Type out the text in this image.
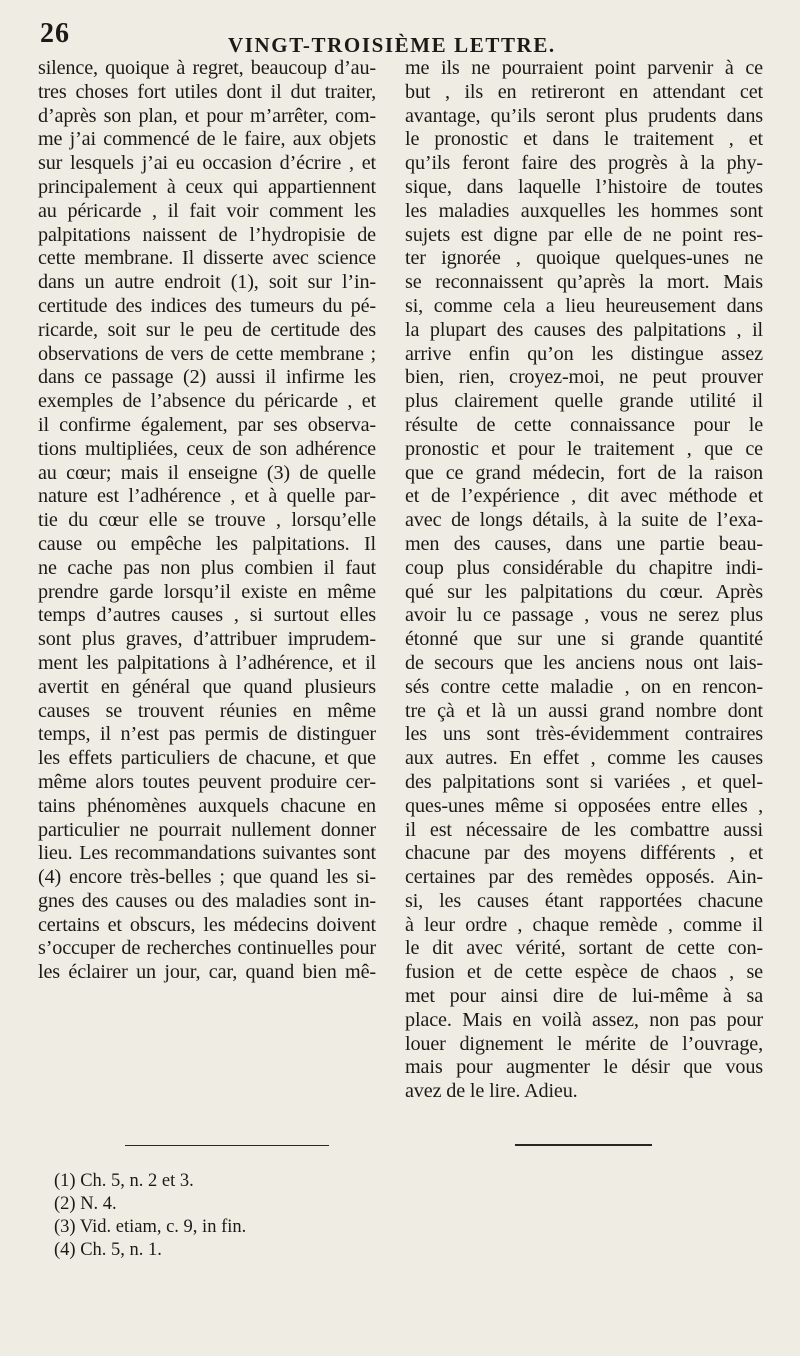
26	VINGT-TROISIÈME LETTRE.
silence, quoique à regret, beaucoup d’au-
tres choses fort utiles dont il dut traiter,
d’après son plan, et pour m’arrêter, com-
me j’ai commencé de le faire, aux objets
sur lesquels j’ai eu occasion d’écrire , et
principalement à ceux qui appartiennent
au péricarde , il fait voir comment les
palpitations naissent de l’hydropisie de
cette membrane. Il disserte avec science
dans un autre endroit (1), soit sur l’in-
certitude des indices des tumeurs du pé-
ricarde, soit sur le peu de certitude des
observations de vers de cette membrane ;
dans ce passage (2) aussi il infirme les
exemples de l’absence du péricarde , et
il confirme également, par ses observa-
tions multipliées, ceux de son adhérence
au cœur; mais il enseigne (3) de quelle
nature est l’adhérence , et à quelle par-
tie du cœur elle se trouve , lorsqu’elle
cause ou empêche les palpitations. Il
ne cache pas non plus combien il faut
prendre garde lorsqu’il existe en même
temps d’autres causes , si surtout elles
sont plus graves, d’attribuer imprudem-
ment les palpitations à l’adhérence, et il
avertit en général que quand plusieurs
causes se trouvent réunies en même
temps, il n’est pas permis de distinguer
les effets particuliers de chacune, et que
même alors toutes peuvent produire cer-
tains phénomènes auxquels chacune en
particulier ne pourrait nullement donner
lieu. Les recommandations suivantes sont
(4) encore très-belles ; que quand les si-
gnes des causes ou des maladies sont in-
certains et obscurs, les médecins doivent
s’occuper de recherches continuelles pour
les éclairer un jour, car, quand bien mê-
me ils ne pourraient point parvenir à ce
but , ils en retireront en attendant cet
avantage, qu’ils seront plus prudents dans
le pronostic et dans le traitement , et
qu’ils feront faire des progrès à la phy-
sique, dans laquelle l’histoire de toutes
les maladies auxquelles les hommes sont
sujets est digne par elle de ne point res-
ter ignorée , quoique quelques-unes ne
se reconnaissent qu’après la mort. Mais
si, comme cela a lieu heureusement dans
la plupart des causes des palpitations , il
arrive enfin qu’on les distingue assez
bien, rien, croyez-moi, ne peut prouver
plus clairement quelle grande utilité il
résulte de cette connaissance pour le
pronostic et pour le traitement , que ce
que ce grand médecin, fort de la raison
et de l’expérience , dit avec méthode et
avec de longs détails, à la suite de l’exa-
men des causes, dans une partie beau-
coup plus considérable du chapitre indi-
qué sur les palpitations du cœur. Après
avoir lu ce passage , vous ne serez plus
étonné que sur une si grande quantité
de secours que les anciens nous ont lais-
sés contre cette maladie , on en rencon-
tre çà et là un aussi grand nombre dont
les uns sont très-évidemment contraires
aux autres. En effet , comme les causes
des palpitations sont si variées , et quel-
ques-unes même si opposées entre elles ,
il est nécessaire de les combattre aussi
chacune par des moyens différents , et
certaines par des remèdes opposés. Ain-
si, les causes étant rapportées chacune
à leur ordre , chaque remède , comme il
le dit avec vérité, sortant de cette con-
fusion et de cette espèce de chaos , se
met pour ainsi dire de lui-même à sa
place. Mais en voilà assez, non pas pour
louer dignement le mérite de l’ouvrage,
mais pour augmenter le désir que vous
avez de le lire. Adieu.
(1) Ch. 5, n. 2 et 3.
(2) N. 4.
(3) Vid. etiam, c. 9, in fin.
(4) Ch. 5, n. 1.
